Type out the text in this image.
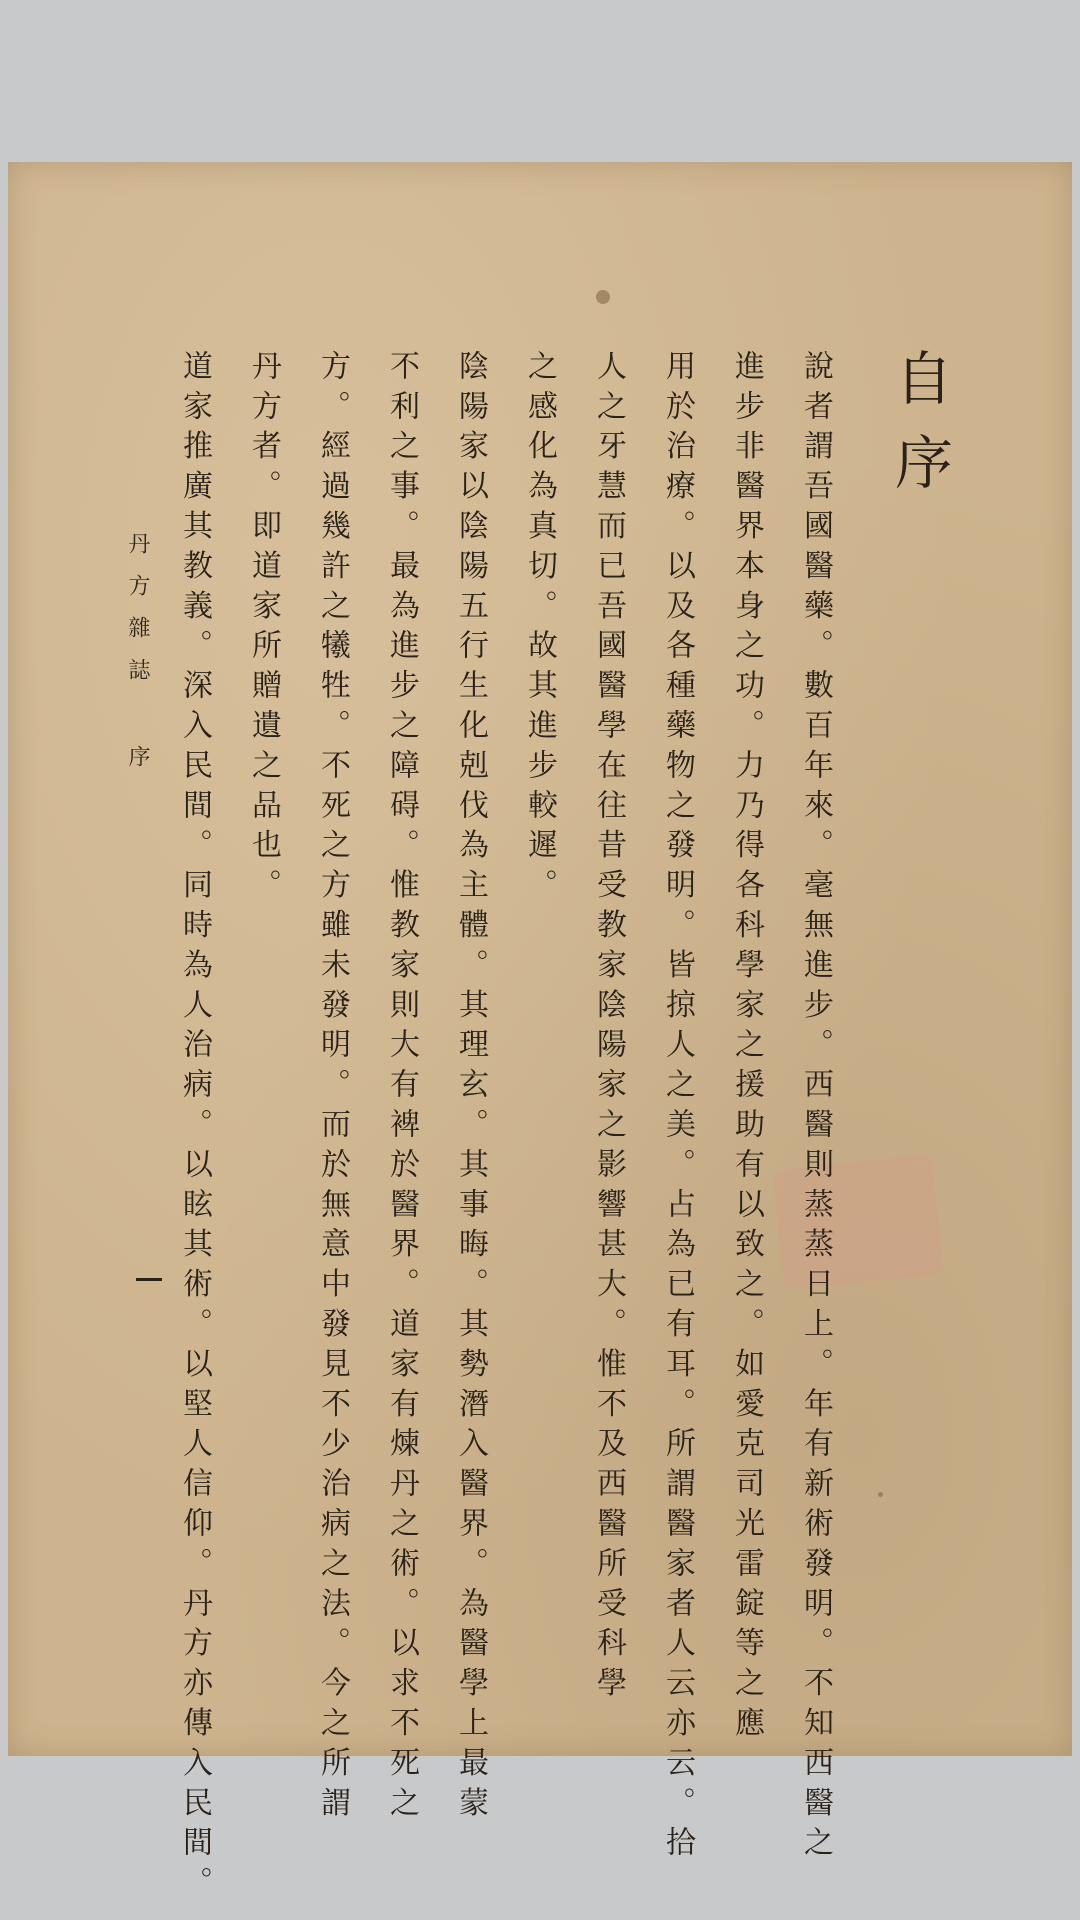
自序
說者謂吾國醫藥。數百年來。毫無進步。西醫則蒸蒸日上。年有新術發明。不知西醫之
進步非醫界本身之功。力乃得各科學家之援助有以致之。如愛克司光雷錠等之應
用於治療。以及各種藥物之發明。皆掠人之美。占為已有耳。所謂醫家者人云亦云。拾
人之牙慧而已吾國醫學在往昔受教家陰陽家之影響甚大。惟不及西醫所受科學
之感化為真切。故其進步較遲。
陰陽家以陰陽五行生化剋伐為主體。其理玄。其事晦。其勢潛入醫界。為醫學上最蒙
不利之事。最為進步之障碍。惟教家則大有裨於醫界。道家有煉丹之術。以求不死之
方。經過幾許之犧牲。不死之方雖未發明。而於無意中發見不少治病之法。今之所謂
丹方者。即道家所贈遺之品也。
道家推廣其教義。深入民間。同時為人治病。以眩其術。以堅人信仰。丹方亦傳入民間。
丹方雜誌 序
